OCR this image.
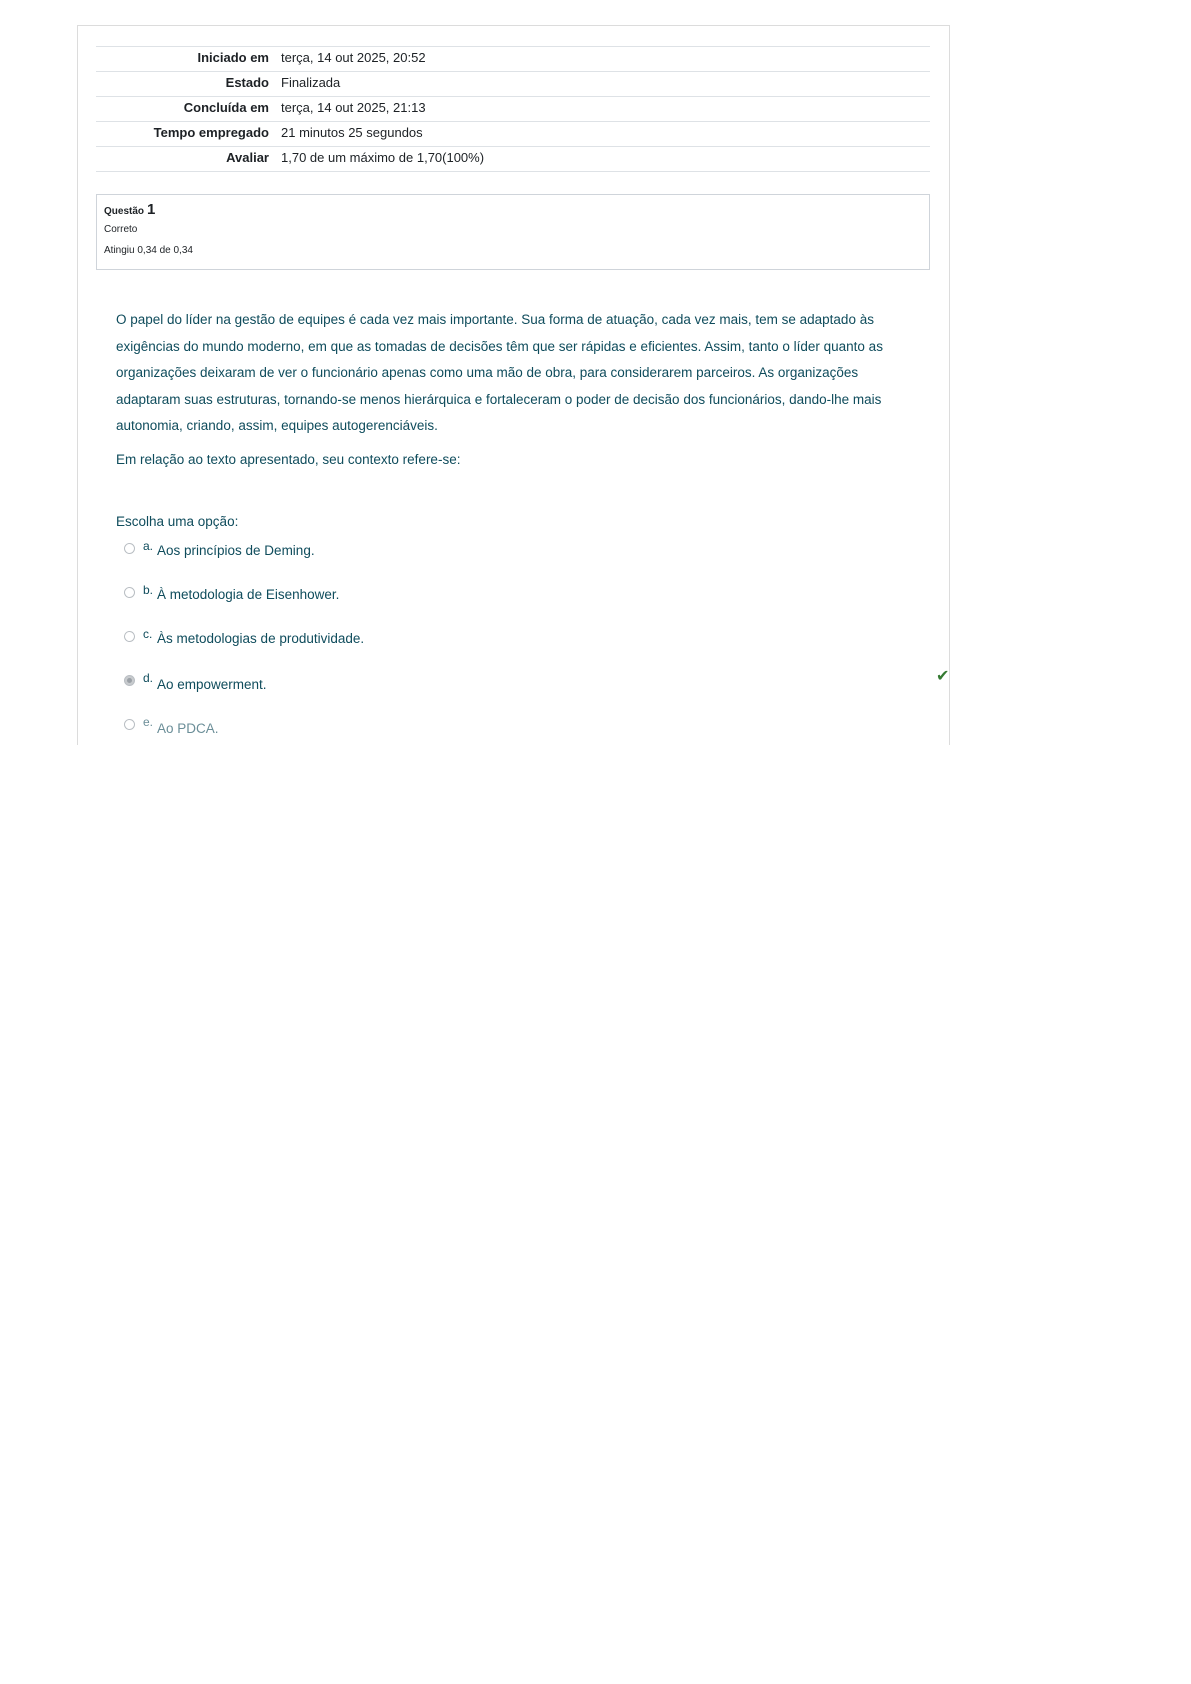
Iniciado em	terça, 14 out 2025, 20:52
Estado	Finalizada
Concluída em	terça, 14 out 2025, 21:13
Tempo empregado	21 minutos 25 segundos
Avaliar	1,70 de um máximo de 1,70(100%)
Questão 1
Correto
Atingiu 0,34 de 0,34

O papel do líder na gestão de equipes é cada vez mais importante. Sua forma de atuação, cada vez mais, tem se adaptado às exigências do mundo moderno, em que as tomadas de decisões têm que ser rápidas e eficientes. Assim, tanto o líder quanto as organizações deixaram de ver o funcionário apenas como uma mão de obra, para considerarem parceiros. As organizações adaptaram suas estruturas, tornando-se menos hierárquica e fortaleceram o poder de decisão dos funcionários, dando-lhe mais autonomia, criando, assim, equipes autogerenciáveis.

Em relação ao texto apresentado, seu contexto refere-se:

Escolha uma opção:
a. Aos princípios de Deming.
b. À metodologia de Eisenhower.
c. Às metodologias de produtividade.
d. Ao empowerment.
e. Ao PDCA.
✔
